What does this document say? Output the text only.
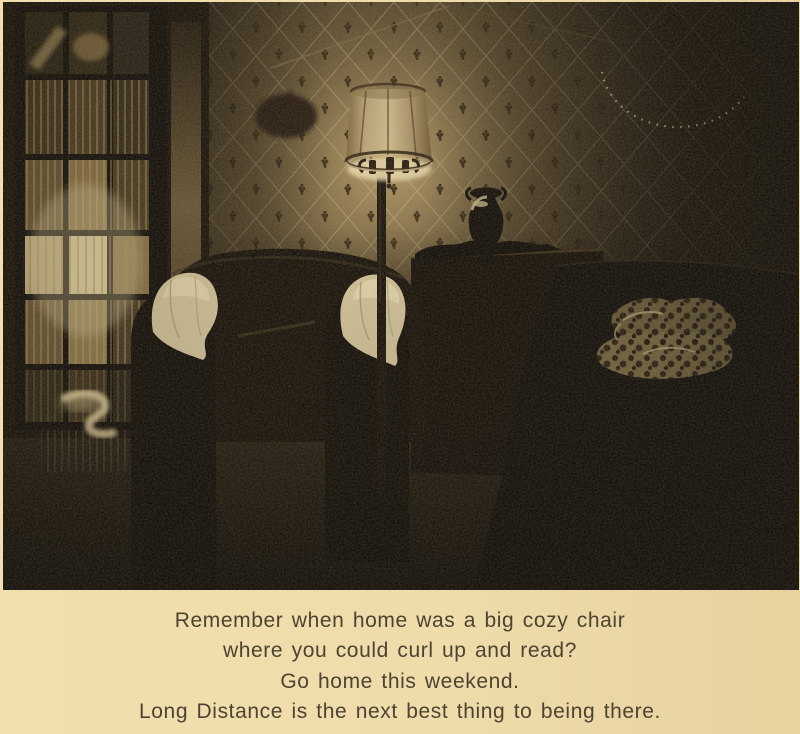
Remember when home was a big cozy chair
where you could curl up and read?
Go home this weekend.
Long Distance is the next best thing to being there.
